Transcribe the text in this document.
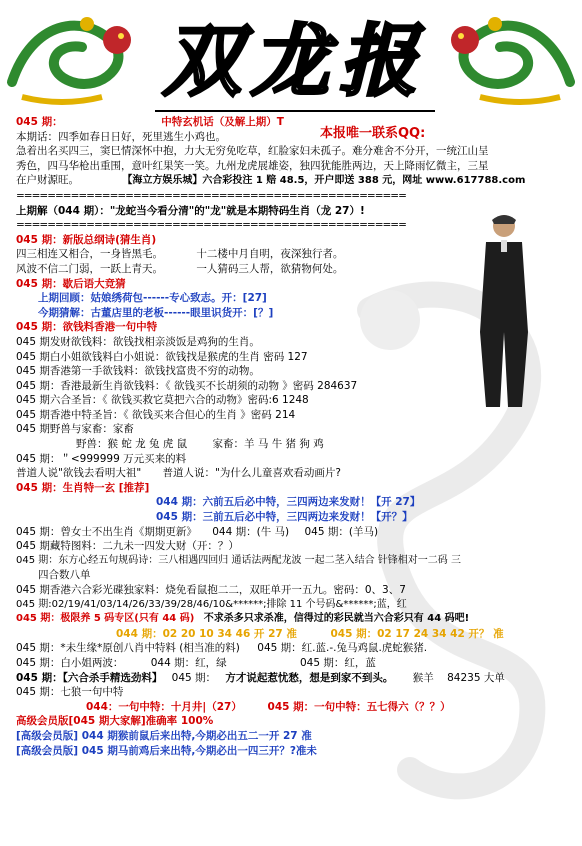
双龙报
本报唯一联系QQ:
045 期：	中特玄机话（及解上期）T
本期话：四季如春日日好，死里逃生小鸡也。
急着出名买四三，窦巳情深怀中抱，力大无穷免吃草，红脸家妇未孤子。难分难舍不分开，一统江山呈
秀色，四马华枪出重围，意叶红果笑一笑。九州龙虎展雄姿，独四犹能胜两边，天上降雨忆微主，三星
在户财源旺。	【海立方娱乐城】六合彩投注 1 赔 48.5，开户即送 388 元，网址 www.617788.com
==================================================
上期解（044 期）："龙蛇当今看分清"的"龙"就是本期特码生肖（龙 27）!
==================================================
045 期：新版总纲诗(猜生肖)
四三相连又相合，一身皆黑毛。	十二楼中月自明，夜深独行者。
风波不信二门弱，一跃上青天。	一人猜码三人帮，欲猜物何处。
045 期：歇后语大竞猜
上期回顾：姑娘绣荷包------专心致志。开：[27]
今期猜解：古董店里的老板------眼里识货开：[？]
045 期：欲钱料香港一句中特
045 期发财欲钱料：欲钱找相亲淡饭是鸡狗的生肖。
045 期白小姐欲钱料白小姐说：欲钱找是猴虎的生肖 密码 127
045 期香港第一手欲钱料：欲钱找富贵不穷的动物。
045 期：香港最新生肖欲钱料：《 欲钱买不长胡须的动物 》密码 284637
045 期六合圣旨：《 欲钱买救它莫把六合的动物》密码:6 1248
045 期香港中特圣旨：《 欲钱买来合但心的生肖 》密码 214
045 期野兽与家畜：家畜
野兽：猴 蛇 龙 兔 虎 鼠 家畜：羊 马 牛 猪 狗 鸡
045 期：＂<999999 万元买来的料
普道人说"欲钱去看明大祖" 普道人说："为什么儿童喜欢看动画片?
045 期：生肖特一玄 [推荐]
044 期：六前五后必中特，三四两边来发财！【开 27】
045 期：三前五后必中特，三四两边来发财！【开？】
045 期：曾女士不出生肖《期期更新》 044 期：(牛 马) 045 期：(羊马)
045 期藏特图料：二九未一四发大财（开：？）
045 期：东方心经五句规码诗：三八相遇四回归 通话法两配龙波 一起二茎入结合 针锋相对一二码 三
四合数八单
045 期香港六合彩光碟独家料：烧免看鼠抱二二，双旺单开一五九。密码：0、3、7
045 期:02/19/41/03/14/26/33/39/28/46/10&******;排除 11 个号码&******;蓝，红
045 期：极限养 5 码专区(只有 44 码) 不求杀多只求杀准，信得过的彩民就当六合彩只有 44 码吧!
044 期：02 20 10 34 46 开 27 准	045 期：02 17 24 34 42 开？ 准
045 期：*未生缘*原创八肖中特料 (相当准的料) 045 期：红.蓝.-.兔马鸡鼠.虎蛇猴猪.
045 期：白小姐两波：	044 期：红，绿	045 期：红，蓝
045 期：【六合杀手精选劲料】 045 期： 方才说起惹忧愁，想是到家不到头。 猴羊 84235 大单
045 期：七狼一句中特
044：一句中特：十月井|（27） 045 期：一句中特：五七得六（？？）
高级会员版[045 期大家解]准确率 100%
[高级会员版] 044 期猴前鼠后来出特,今期必出五二一开 27 准
[高级会员版] 045 期马前鸡后来出特,今期必出一四三开？?准未
